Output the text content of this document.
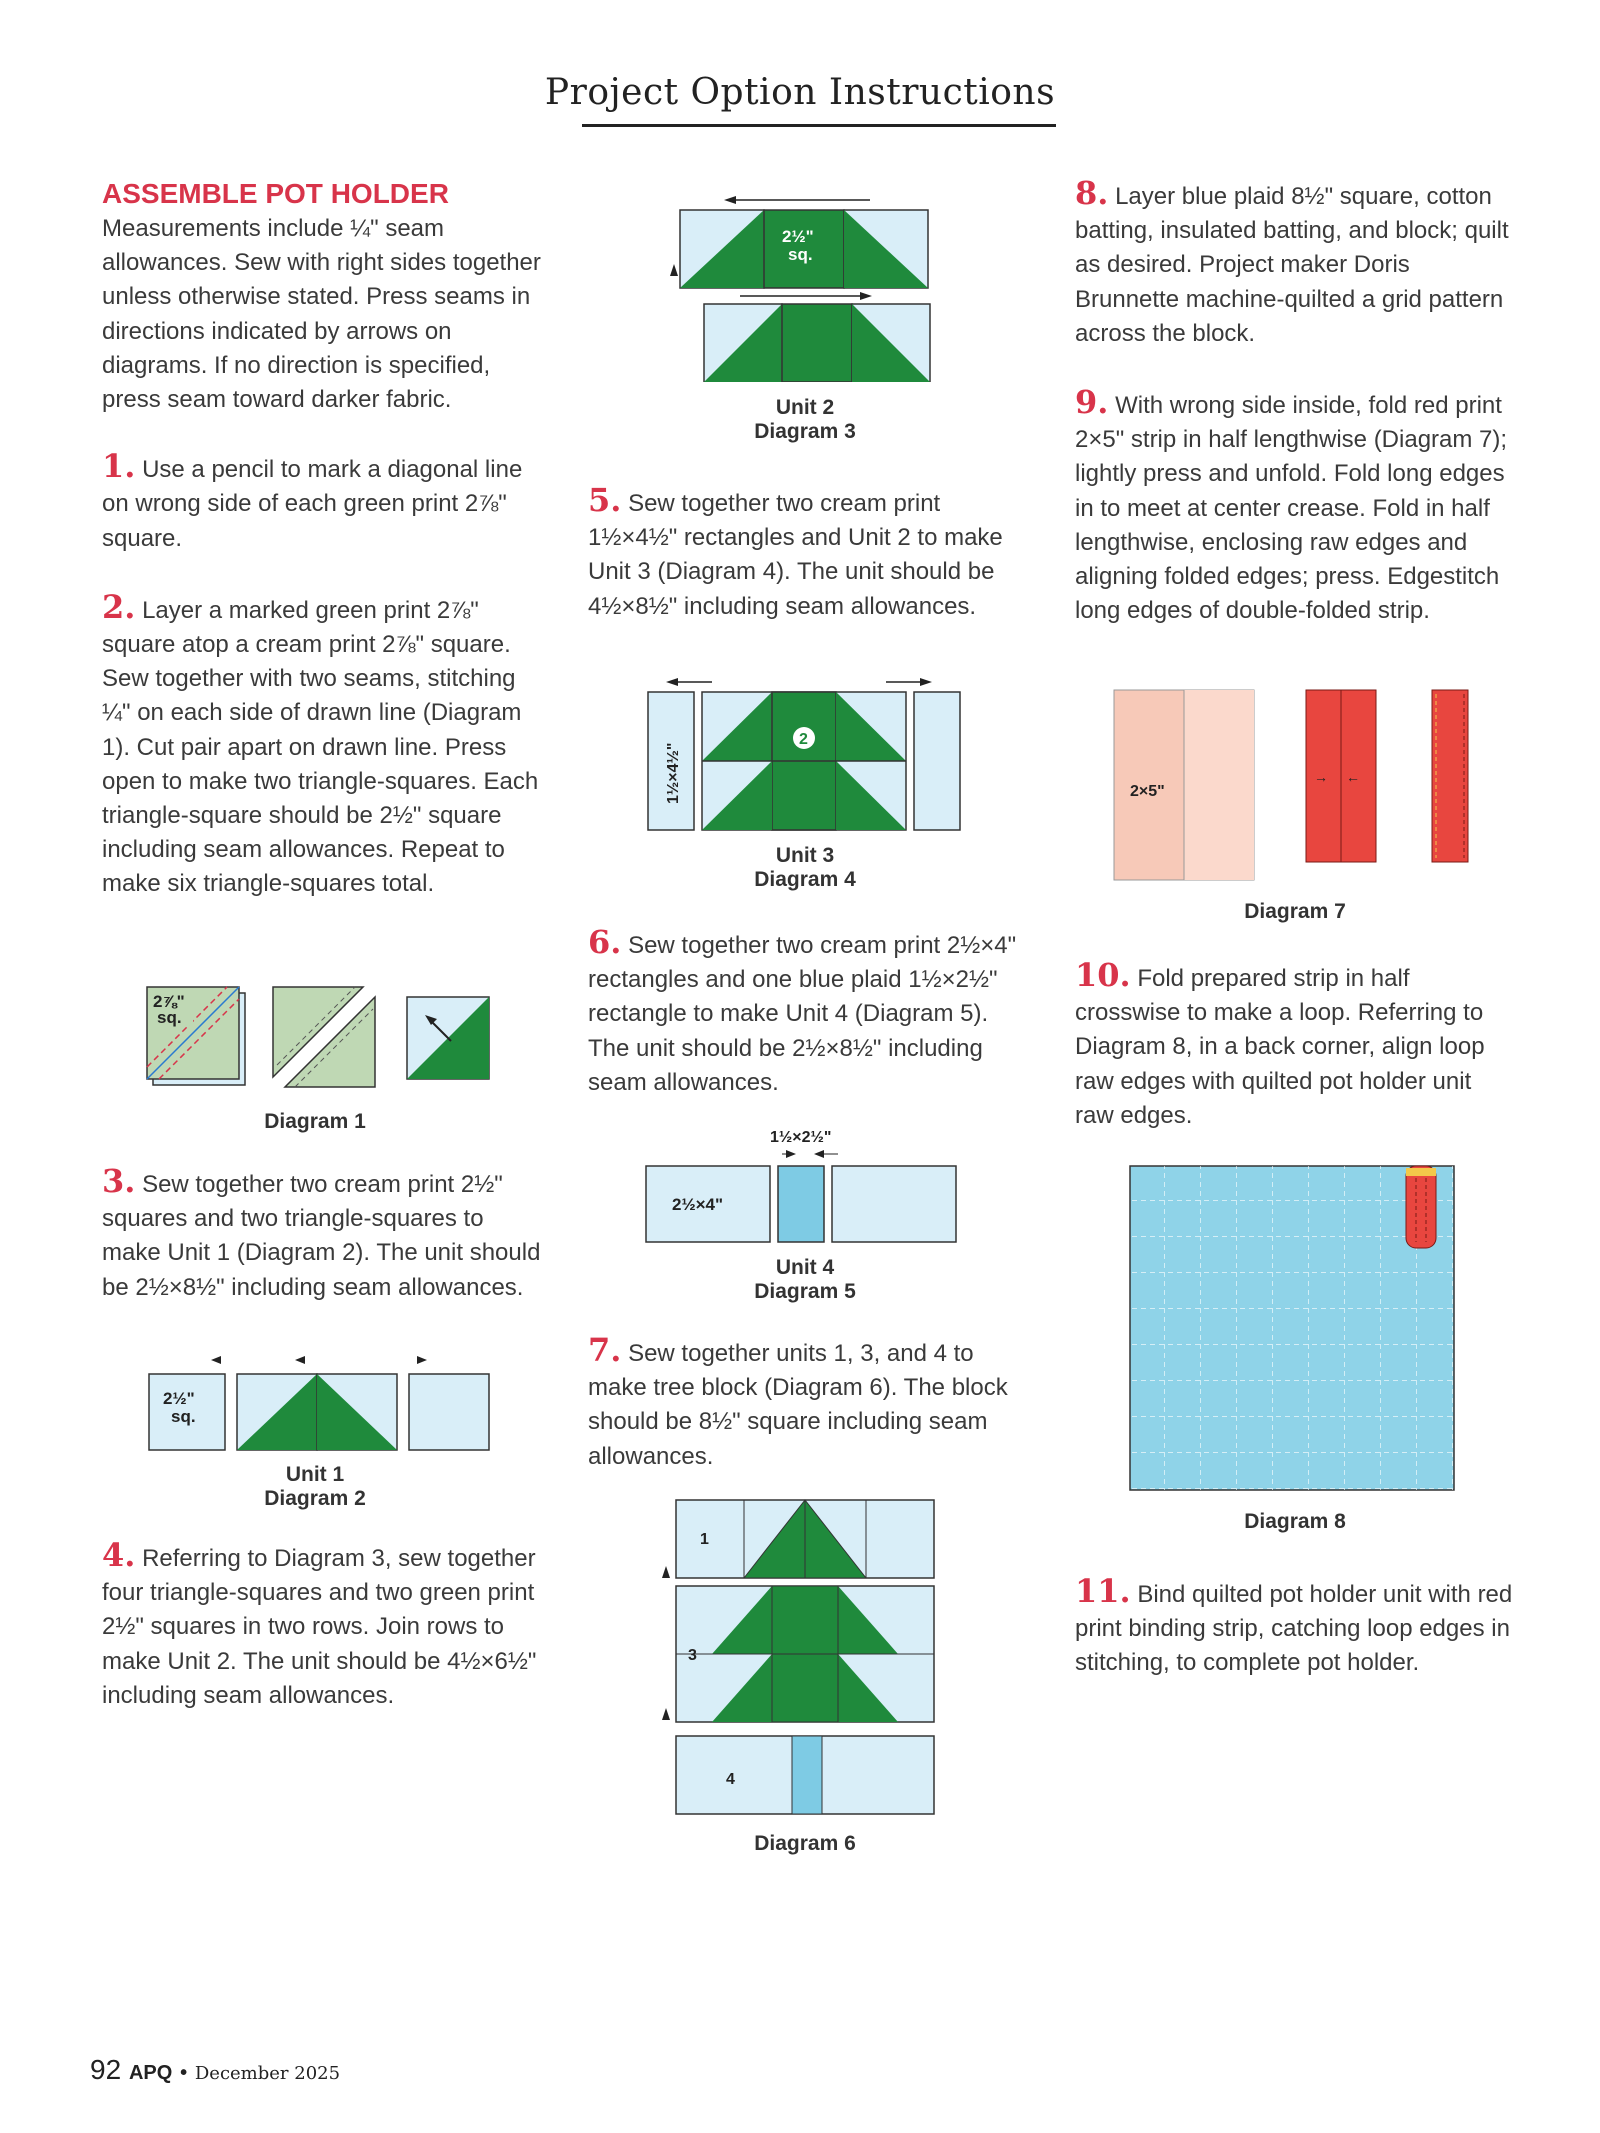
Project Option Instructions
ASSEMBLE POT HOLDER
Measurements include ¼" seam allowances. Sew with right sides together unless otherwise stated. Press seams in directions indicated by arrows on diagrams. If no direction is specified, press seam toward darker fabric.

1. Use a pencil to mark a diagonal line on wrong side of each green print 2⅞" square.

2. Layer a marked green print 2⅞" square atop a cream print 2⅞" square. Sew together with two seams, stitching ¼" on each side of drawn line (Diagram 1). Cut pair apart on drawn line. Press open to make two triangle-squares. Each triangle-square should be 2½" square including seam allowances. Repeat to make six triangle-squares total.

2⅞"
sq.
Diagram 1

3. Sew together two cream print 2½" squares and two triangle-squares to make Unit 1 (Diagram 2). The unit should be 2½×8½" including seam allowances.

2½"
sq.
Unit 1
Diagram 2

4. Referring to Diagram 3, sew together four triangle-squares and two green print 2½" squares in two rows. Join rows to make Unit 2. The unit should be 4½×6½" including seam allowances.

2½"
sq.
Unit 2
Diagram 3

5. Sew together two cream print 1½×4½" rectangles and Unit 2 to make Unit 3 (Diagram 4). The unit should be 4½×8½" including seam allowances.

1½×4½"
2
Unit 3
Diagram 4

6. Sew together two cream print 2½×4" rectangles and one blue plaid 1½×2½" rectangle to make Unit 4 (Diagram 5). The unit should be 2½×8½" including seam allowances.

1½×2½"
2½×4"
Unit 4
Diagram 5

7. Sew together units 1, 3, and 4 to make tree block (Diagram 6). The block should be 8½" square including seam allowances.

1
3
4
Diagram 6

8. Layer blue plaid 8½" square, cotton batting, insulated batting, and block; quilt as desired. Project maker Doris Brunnette machine-quilted a grid pattern across the block.

9. With wrong side inside, fold red print 2×5" strip in half lengthwise (Diagram 7); lightly press and unfold. Fold long edges in to meet at center crease. Fold in half lengthwise, enclosing raw edges and aligning folded edges; press. Edgestitch long edges of double-folded strip.

2×5"
→ ←
Diagram 7

10. Fold prepared strip in half crosswise to make a loop. Referring to Diagram 8, in a back corner, align loop raw edges with quilted pot holder unit raw edges.

Diagram 8

11. Bind quilted pot holder unit with red print binding strip, catching loop edges in stitching, to complete pot holder.

92 APQ • December 2025
